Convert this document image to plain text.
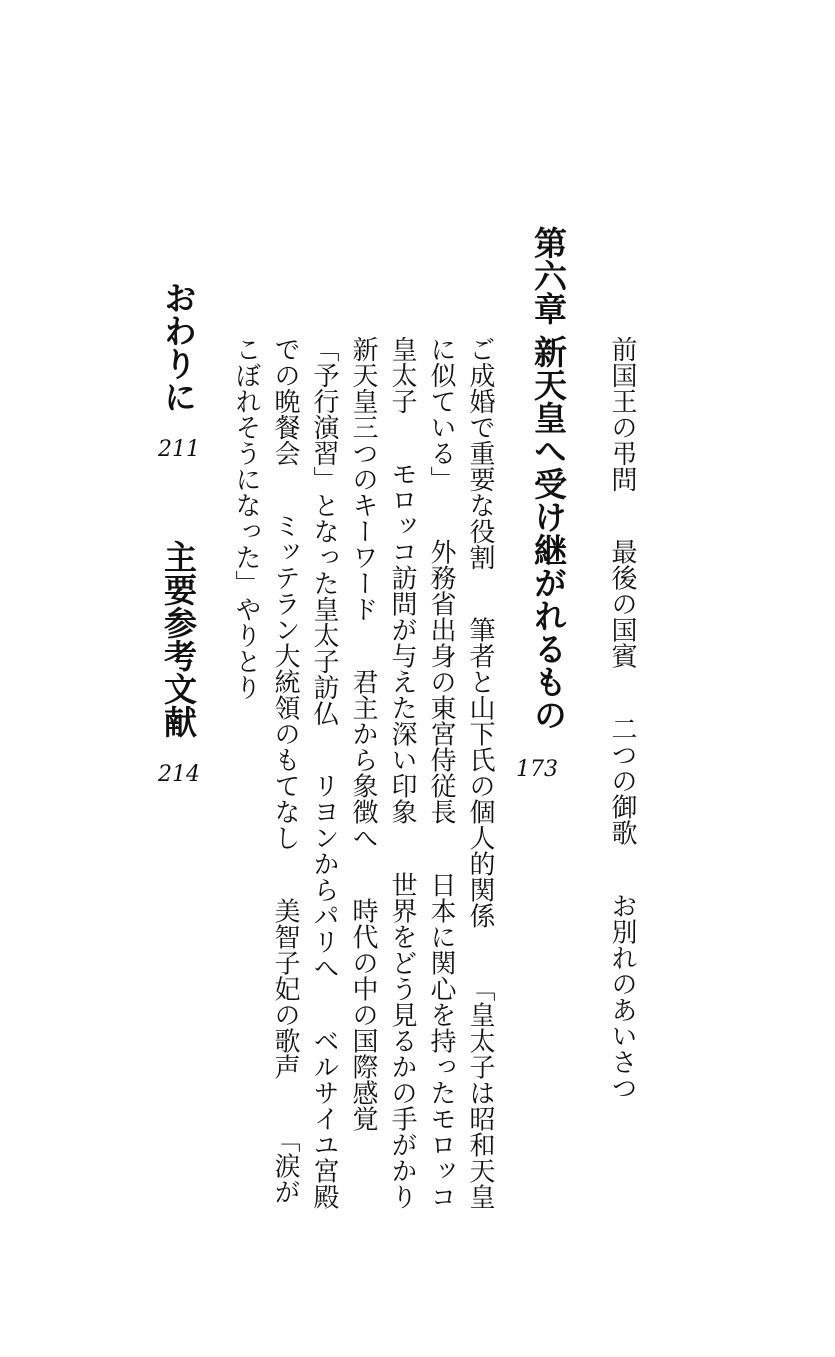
前国王の弔問最後の国賓二つの御歌お別れのあいさつ
第六章
新天皇へ受け継がれるもの
173
ご成婚で重要な役割筆者と山下氏の個人的関係「皇太子は昭和天皇
に似ている」外務省出身の東宮侍従長日本に関心を持ったモロッコ
皇太子モロッコ訪問が与えた深い印象世界をどう見るかの手がかり
新天皇三つのキーワード君主から象徴へ時代の中の国際感覚
「予行演習」となった皇太子訪仏リヨンからパリへベルサイユ宮殿
での晩餐会ミッテラン大統領のもてなし美智子妃の歌声「涙が
こぼれそうになった」やりとり
おわりに
211
主要参考文献
214
